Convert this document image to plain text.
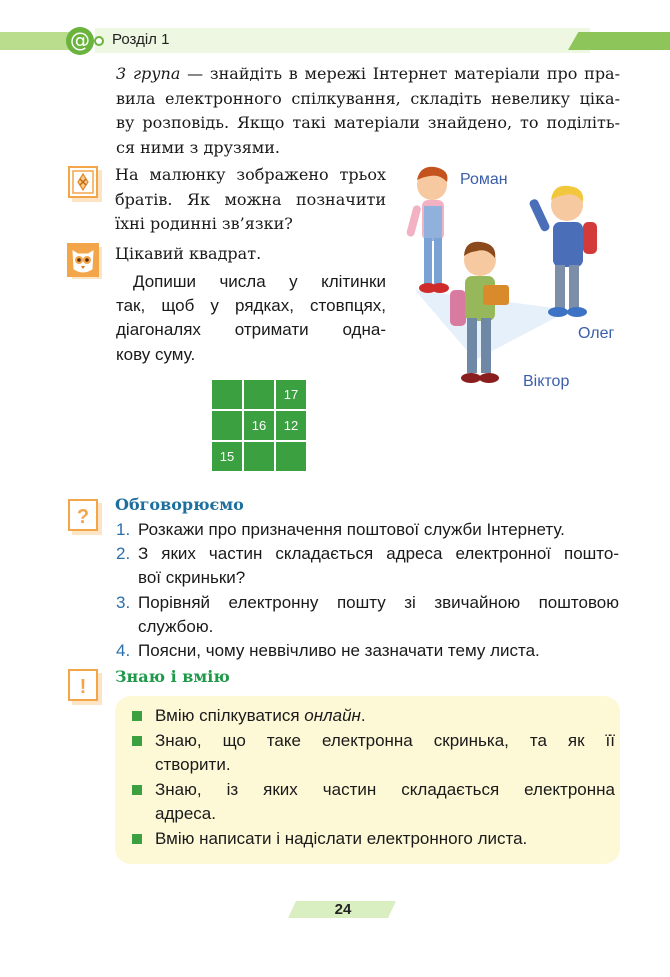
@ Розділ 1
3 група — знайдіть в мережі Інтернет матеріали про пра-
вила електронного спілкування, складіть невелику ціка-
ву розповідь. Якщо такі матеріали знайдено, то поділіть-
ся ними з друзями.
На малюнку зображено трьох
братів. Як можна позначити
їхні родинні зв’язки?
Цікавий квадрат.
Допиши числа у клітинки
так, щоб у рядках, стовпцях,
діагоналях отримати одна-
кову суму.
17
16	12
15
Роман
Олег
Віктор
?
Обговорюємо
1. Розкажи про призначення поштової служби Інтернету.
2. З яких частин складається адреса електронної пошто-
вої скриньки?
3. Порівняй електронну пошту зі звичайною поштовою
службою.
4. Поясни, чому неввічливо не зазначати тему листа.
! Знаю і вмію
Вмію спілкуватися онлайн.
Знаю, що таке електронна скринька, та як її
створити.
Знаю, із яких частин складається електронна
адреса.
Вмію написати і надіслати електронного листа.
24
